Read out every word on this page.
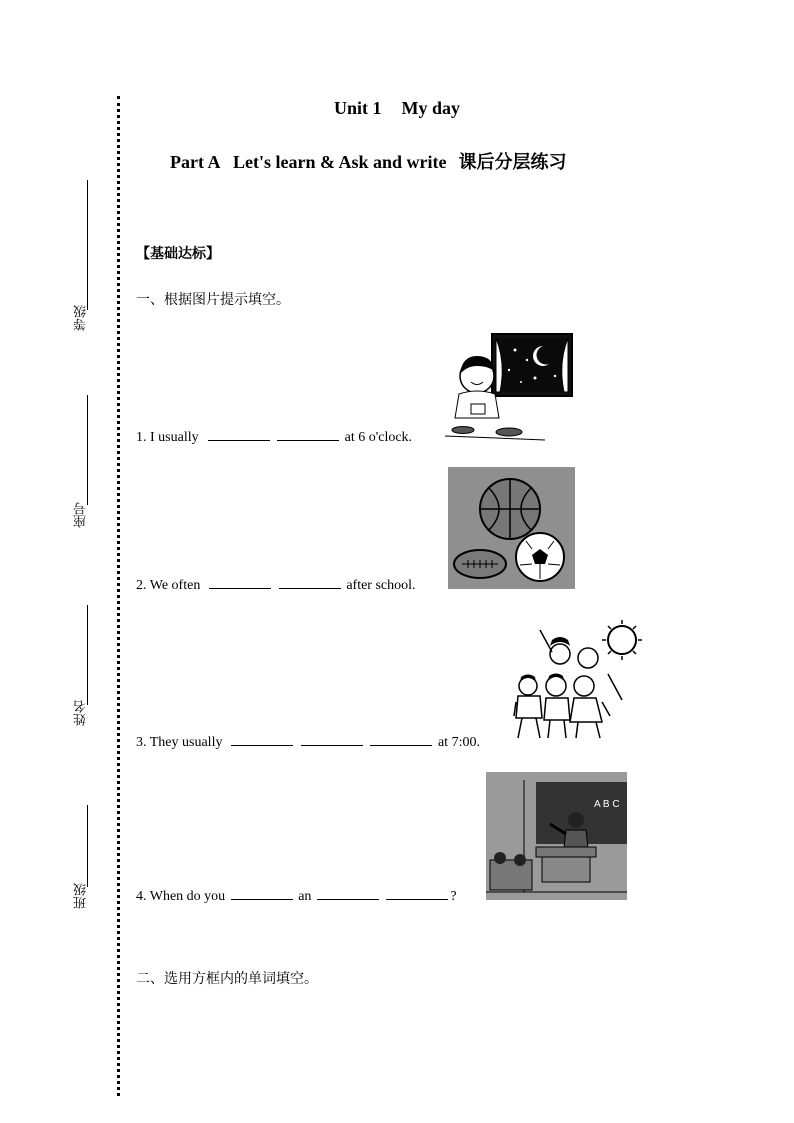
等级
座号
姓名
班级
Unit 1 My day
Part A   Let's learn & Ask and write 课后分层练习
【基础达标】
一、根据图片提示填空。
1. I usually	at 6 o'clock.
2. We often	after school.
3. They usually	at 7:00.
4. When do you	an	?
A B C
二、选用方框内的单词填空。
